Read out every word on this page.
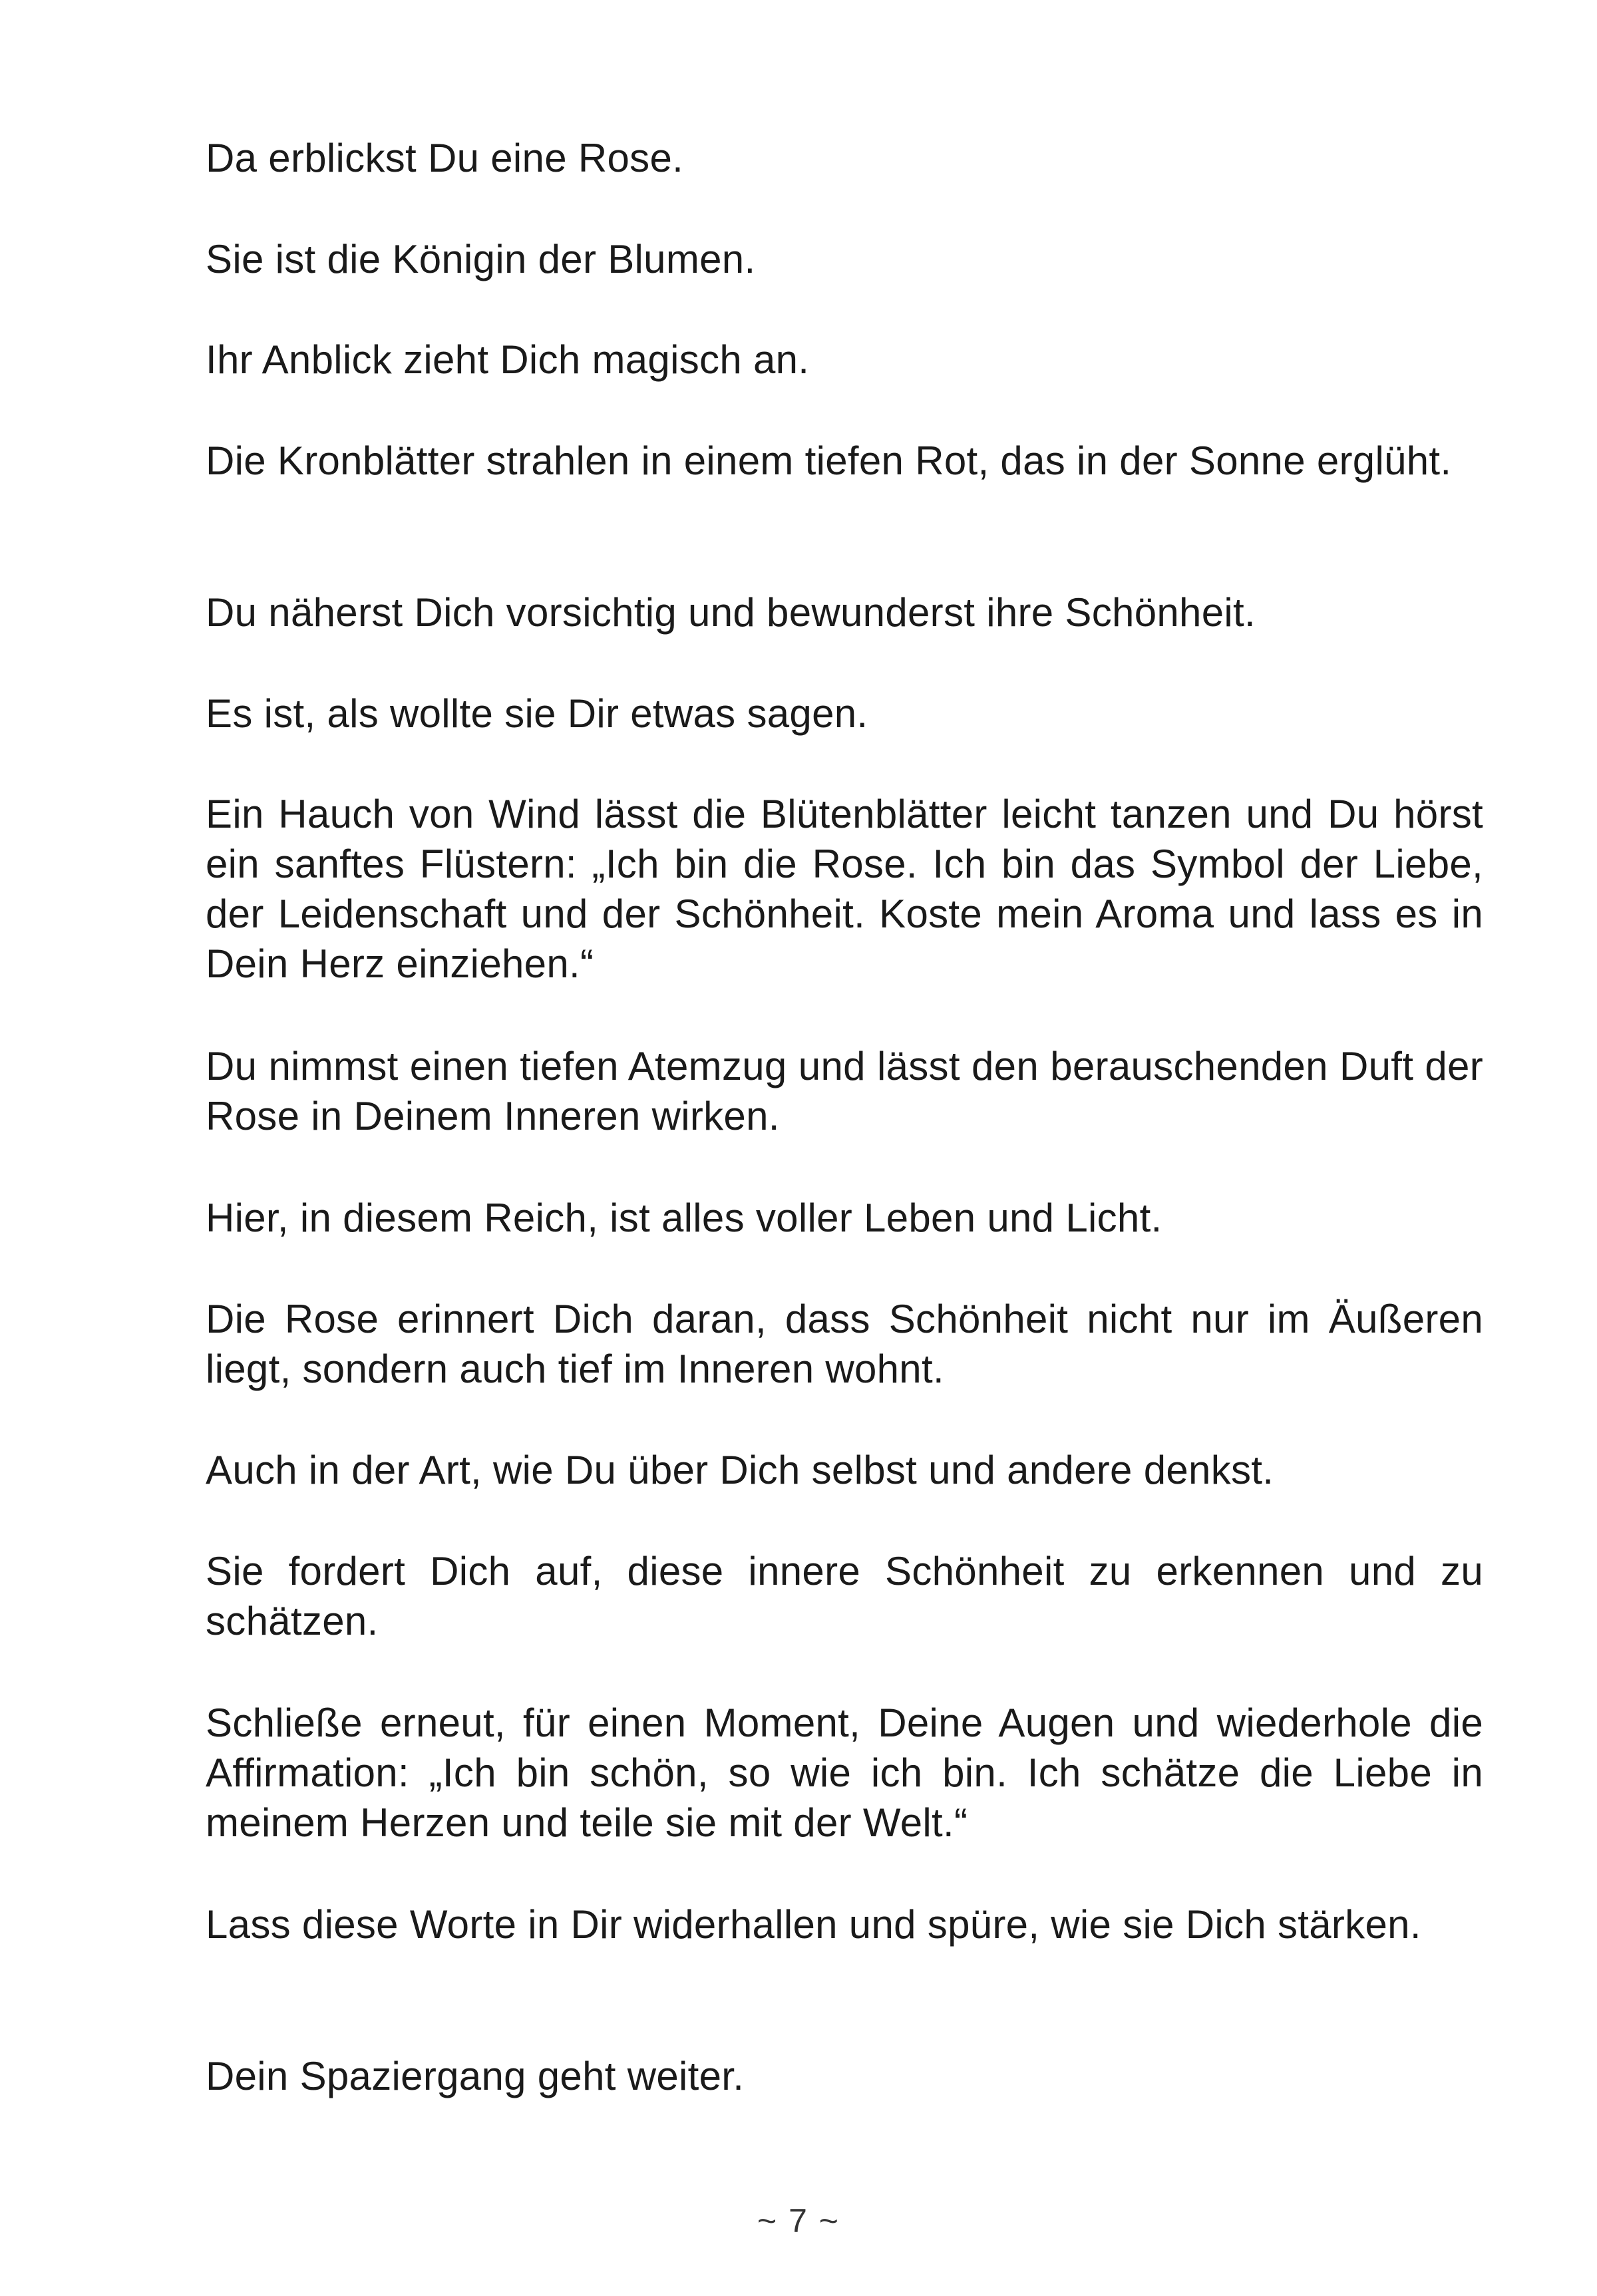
Da erblickst Du eine Rose.

Sie ist die Königin der Blumen.

Ihr Anblick zieht Dich magisch an.

Die Kronblätter strahlen in einem tiefen Rot, das in der Sonne erglüht.

Du näherst Dich vorsichtig und bewunderst ihre Schönheit.

Es ist, als wollte sie Dir etwas sagen.

Ein Hauch von Wind lässt die Blütenblätter leicht tanzen und Du hörst ein sanftes Flüstern: „Ich bin die Rose. Ich bin das Symbol der Liebe, der Leidenschaft und der Schönheit. Koste mein Aroma und lass es in Dein Herz einziehen.“

Du nimmst einen tiefen Atemzug und lässt den berauschenden Duft der Rose in Deinem Inneren wirken.

Hier, in diesem Reich, ist alles voller Leben und Licht.

Die Rose erinnert Dich daran, dass Schönheit nicht nur im Äußeren liegt, sondern auch tief im Inneren wohnt.

Auch in der Art, wie Du über Dich selbst und andere denkst.

Sie fordert Dich auf, diese innere Schönheit zu erkennen und zu schätzen.

Schließe erneut, für einen Moment, Deine Augen und wiederhole die Affirmation: „Ich bin schön, so wie ich bin. Ich schätze die Liebe in meinem Herzen und teile sie mit der Welt.“

Lass diese Worte in Dir widerhallen und spüre, wie sie Dich stärken.

Dein Spaziergang geht weiter.

~ 7 ~
